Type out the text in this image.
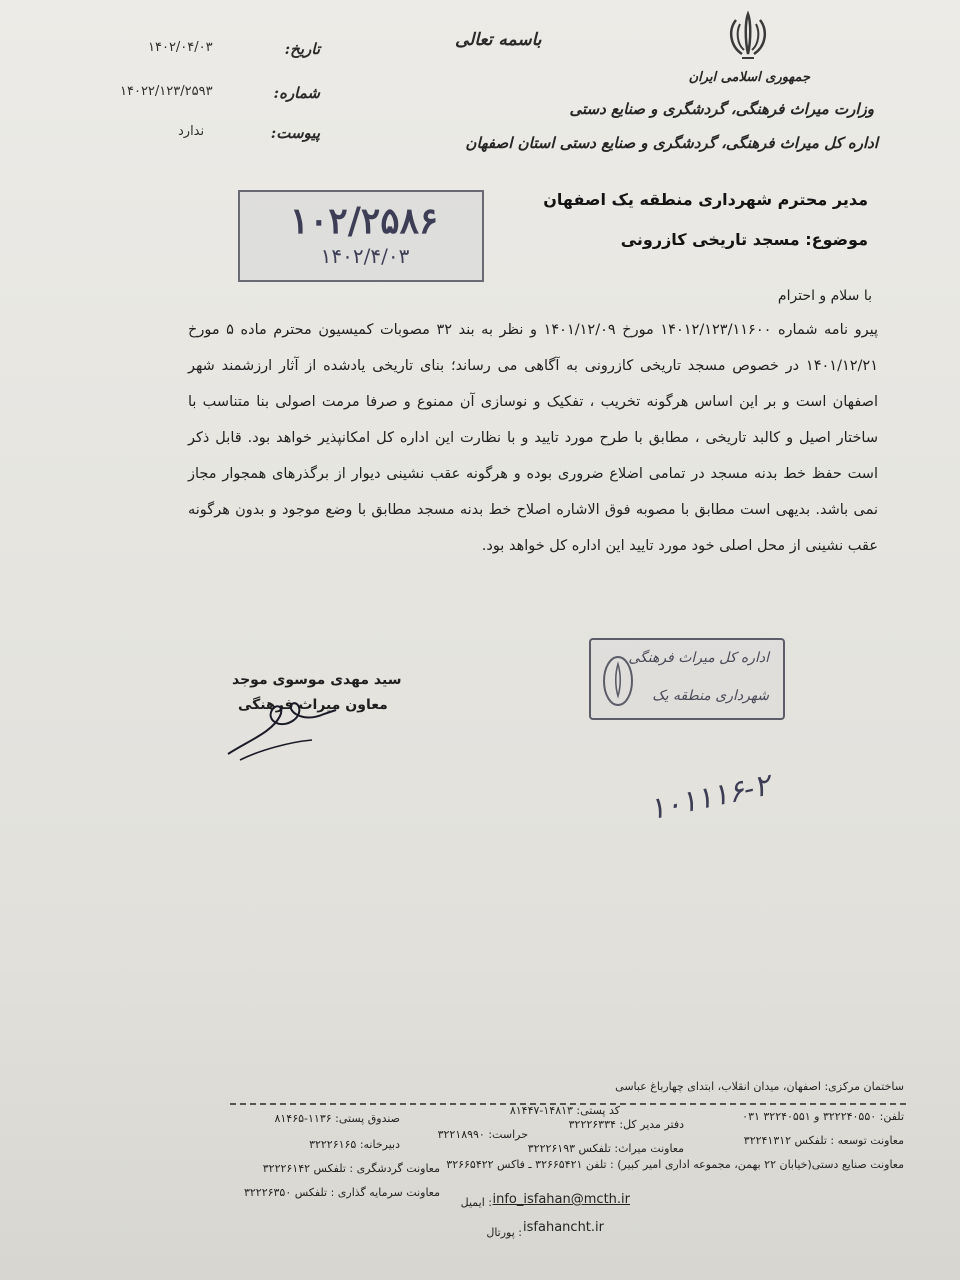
باسمه تعالی
جمهوری اسلامی ایران
وزارت میراث فرهنگی، گردشگری و صنایع دستی
اداره کل میراث فرهنگی، گردشگری و صنایع دستی استان اصفهان
تاریخ:
۱۴۰۲/۰۴/۰۳
شماره:
۱۴۰۲۲/۱۲۳/۲۵۹۳
پیوست:
ندارد
۱۰۲/۲۵۸۶
۱۴۰۲/۴/۰۳
مدیر محترم شهرداری منطقه یک اصفهان
موضوع: مسجد تاریخی کازرونی
با سلام و احترام
پیرو نامه شماره ۱۴۰۱۲/۱۲۳/۱۱۶۰۰ مورخ ۱۴۰۱/۱۲/۰۹ و نظر به بند ۳۲ مصوبات کمیسیون محترم ماده ۵ مورخ
۱۴۰۱/۱۲/۲۱ در خصوص مسجد تاریخی کازرونی به آگاهی می رساند؛ بنای تاریخی یادشده از آثار ارزشمند شهر
اصفهان است و بر این اساس هرگونه تخریب ، تفکیک و نوسازی آن ممنوع و صرفا مرمت اصولی بنا متناسب با
ساختار اصیل و کالبد تاریخی ، مطابق با طرح مورد تایید و با نظارت این اداره کل امکانپذیر خواهد بود. قابل ذکر
است حفظ خط بدنه مسجد در تمامی اضلاع ضروری بوده و هرگونه عقب نشینی دیوار از برگذرهای همجوار مجاز
نمی باشد. بدیهی است مطابق با مصوبه فوق الاشاره اصلاح خط بدنه مسجد مطابق با وضع موجود و بدون هرگونه
عقب نشینی از محل اصلی خود مورد تایید این اداره کل خواهد بود.
سید مهدی موسوی موجد
معاون میراث فرهنگی
اداره کل میراث فرهنگی
شهرداری منطقه یک
۱۰۱۱۱۶-۲
ساختمان مرکزی: اصفهان، میدان انقلاب، ابتدای چهارباغ عباسی
کد پستی: ۱۴۸۱۳-۸۱۴۴۷
صندوق پستی: ۱۱۳۶-۸۱۴۶۵	تلفن: ۳۲۲۲۴۰۵۵۰ و ۳۲۲۴۰۵۵۱ ۰۳۱
دفتر مدیر کل: ۳۲۲۲۶۳۳۴
حراست: ۳۲۲۱۸۹۹۰
دبیرخانه: ۳۲۲۲۶۱۶۵	معاونت توسعه : تلفکس ۳۲۲۴۱۳۱۲
معاونت میراث: تلفکس ۳۲۲۲۶۱۹۳
معاونت گردشگری : تلفکس ۳۲۲۲۶۱۴۲ معاونت صنایع دستی(خیابان ۲۲ بهمن، مجموعه اداری امیر کبیر) : تلفن ۳۲۶۶۵۴۲۱ ـ فاکس ۳۲۶۶۵۴۲۲
معاونت سرمایه گذاری : تلفکس ۳۲۲۲۶۳۵۰
: ایمیل info_isfahan@mcth.ir
: پورتال isfahancht.ir
